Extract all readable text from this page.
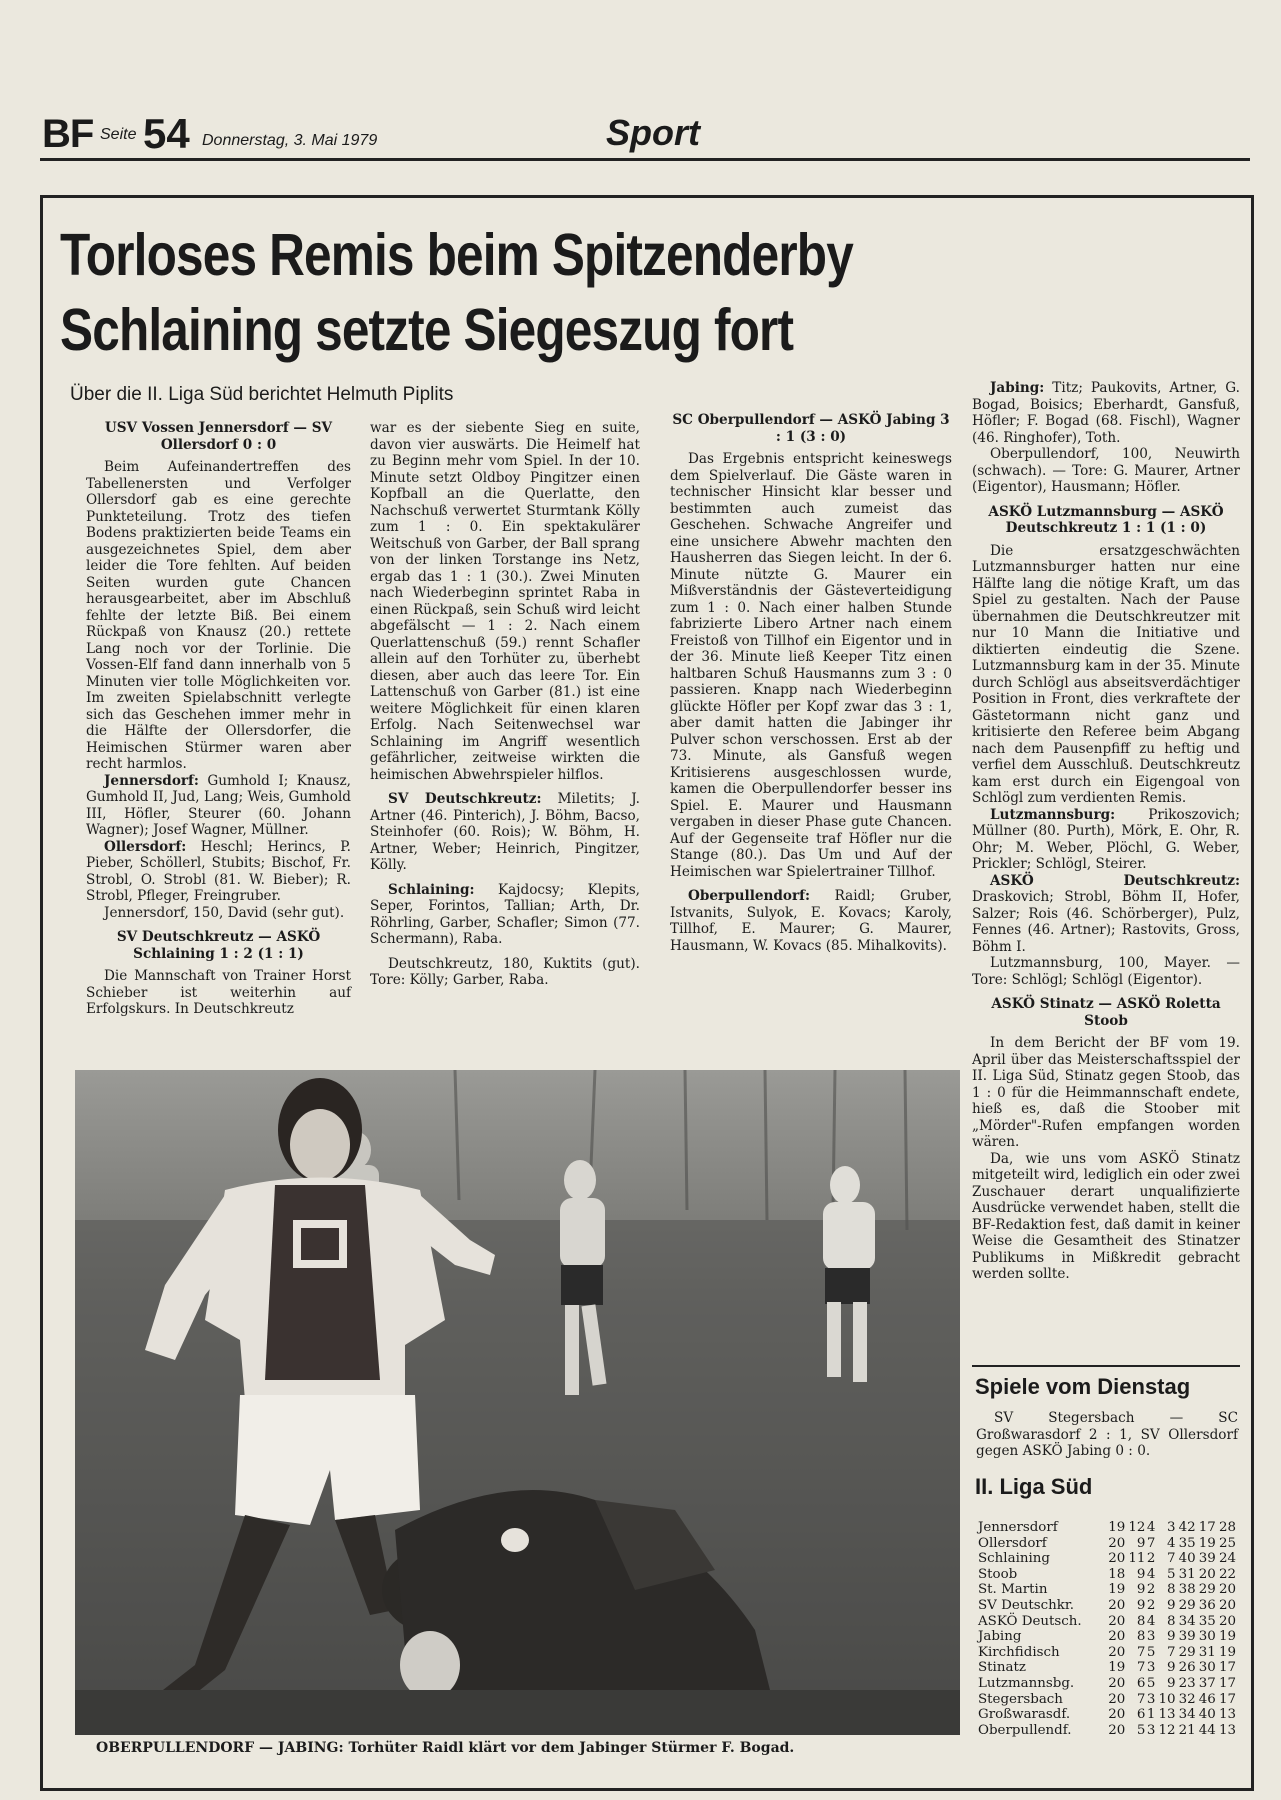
BF Seite 54 Donnerstag, 3. Mai 1979	Sport
Torloses Remis beim Spitzenderby
Schlaining setzte Siegeszug fort
Über die II. Liga Süd berichtet Helmuth Piplits

USV Vossen Jennersdorf — SV Ollersdorf 0 : 0

Beim Aufeinandertreffen des Tabellenersten und Verfolger Ollersdorf gab es eine gerechte Punkteteilung. Trotz des tiefen Bodens praktizierten beide Teams ein ausgezeichnetes Spiel, dem aber leider die Tore fehlten. Auf beiden Seiten wurden gute Chancen herausgearbeitet, aber im Abschluß fehlte der letzte Biß. Bei einem Rückpaß von Knausz (20.) rettete Lang noch vor der Torlinie. Die Vossen-Elf fand dann innerhalb von 5 Minuten vier tolle Möglichkeiten vor. Im zweiten Spielabschnitt verlegte sich das Geschehen immer mehr in die Hälfte der Ollersdorfer, die Heimischen Stürmer waren aber recht harmlos.

Jennersdorf: Gumhold I; Knausz, Gumhold II, Jud, Lang; Weis, Gumhold III, Höfler, Steurer (60. Johann Wagner); Josef Wagner, Müllner.

Ollersdorf: Heschl; Herincs, P. Pieber, Schöllerl, Stubits; Bischof, Fr. Strobl, O. Strobl (81. W. Bieber); R. Strobl, Pfleger, Freingruber.

Jennersdorf, 150, David (sehr gut).

SV Deutschkreutz — ASKÖ Schlaining 1 : 2 (1 : 1)

Die Mannschaft von Trainer Horst Schieber ist weiterhin auf Erfolgskurs. In Deutschkreutz

war es der siebente Sieg en suite, davon vier auswärts. Die Heimelf hat zu Beginn mehr vom Spiel. In der 10. Minute setzt Oldboy Pingitzer einen Kopfball an die Querlatte, den Nachschuß verwertet Sturmtank Kölly zum 1 : 0. Ein spektakulärer Weitschuß von Garber, der Ball sprang von der linken Torstange ins Netz, ergab das 1 : 1 (30.). Zwei Minuten nach Wiederbeginn sprintet Raba in einen Rückpaß, sein Schuß wird leicht abgefälscht — 1 : 2. Nach einem Querlattenschuß (59.) rennt Schafler allein auf den Torhüter zu, überhebt diesen, aber auch das leere Tor. Ein Lattenschuß von Garber (81.) ist eine weitere Möglichkeit für einen klaren Erfolg. Nach Seitenwechsel war Schlaining im Angriff wesentlich gefährlicher, zeitweise wirkten die heimischen Abwehrspieler hilflos.

SV Deutschkreutz: Miletits; J. Artner (46. Pinterich), J. Böhm, Bacso, Steinhofer (60. Rois); W. Böhm, H. Artner, Weber; Heinrich, Pingitzer, Kölly.

Schlaining: Kajdocsy; Klepits, Seper, Forintos, Tallian; Arth, Dr. Röhrling, Garber, Schafler; Simon (77. Schermann), Raba.

Deutschkreutz, 180, Kuktits (gut). Tore: Kölly; Garber, Raba.

SC Oberpullendorf — ASKÖ Jabing 3 : 1 (3 : 0)

Das Ergebnis entspricht keineswegs dem Spielverlauf. Die Gäste waren in technischer Hinsicht klar besser und bestimmten auch zumeist das Geschehen. Schwache Angreifer und eine unsichere Abwehr machten den Hausherren das Siegen leicht. In der 6. Minute nützte G. Maurer ein Mißverständnis der Gästeverteidigung zum 1 : 0. Nach einer halben Stunde fabrizierte Libero Artner nach einem Freistoß von Tillhof ein Eigentor und in der 36. Minute ließ Keeper Titz einen haltbaren Schuß Hausmanns zum 3 : 0 passieren. Knapp nach Wiederbeginn glückte Höfler per Kopf zwar das 3 : 1, aber damit hatten die Jabinger ihr Pulver schon verschossen. Erst ab der 73. Minute, als Gansfuß wegen Kritisierens ausgeschlossen wurde, kamen die Oberpullendorfer besser ins Spiel. E. Maurer und Hausmann vergaben in dieser Phase gute Chancen. Auf der Gegenseite traf Höfler nur die Stange (80.). Das Um und Auf der Heimischen war Spielertrainer Tillhof.

Oberpullendorf: Raidl; Gruber, Istvanits, Sulyok, E. Kovacs; Karoly, Tillhof, E. Maurer; G. Maurer, Hausmann, W. Kovacs (85. Mihalkovits).

Jabing: Titz; Paukovits, Artner, G. Bogad, Boisics; Eberhardt, Gansfuß, Höfler; F. Bogad (68. Fischl), Wagner (46. Ringhofer), Toth.

Oberpullendorf, 100, Neuwirth (schwach). — Tore: G. Maurer, Artner (Eigentor), Hausmann; Höfler.

ASKÖ Lutzmannsburg — ASKÖ Deutschkreutz 1 : 1 (1 : 0)

Die ersatzgeschwächten Lutzmannsburger hatten nur eine Hälfte lang die nötige Kraft, um das Spiel zu gestalten. Nach der Pause übernahmen die Deutschkreutzer mit nur 10 Mann die Initiative und diktierten eindeutig die Szene. Lutzmannsburg kam in der 35. Minute durch Schlögl aus abseitsverdächtiger Position in Front, dies verkraftete der Gästetormann nicht ganz und kritisierte den Referee beim Abgang nach dem Pausenpfiff zu heftig und verfiel dem Ausschluß. Deutschkreutz kam erst durch ein Eigengoal von Schlögl zum verdienten Remis.

Lutzmannsburg: Prikoszovich; Müllner (80. Purth), Mörk, E. Ohr, R. Ohr; M. Weber, Plöchl, G. Weber, Prickler; Schlögl, Steirer.

ASKÖ Deutschkreutz: Draskovich; Strobl, Böhm II, Hofer, Salzer; Rois (46. Schörberger), Pulz, Fennes (46. Artner); Rastovits, Gross, Böhm I.

Lutzmannsburg, 100, Mayer. — Tore: Schlögl; Schlögl (Eigentor).

ASKÖ Stinatz — ASKÖ Roletta Stoob

In dem Bericht der BF vom 19. April über das Meisterschaftsspiel der II. Liga Süd, Stinatz gegen Stoob, das 1 : 0 für die Heimmannschaft endete, hieß es, daß die Stoober mit „Mörder"-Rufen empfangen worden wären.

Da, wie uns vom ASKÖ Stinatz mitgeteilt wird, lediglich ein oder zwei Zuschauer derart unqualifizierte Ausdrücke verwendet haben, stellt die BF-Redaktion fest, daß damit in keiner Weise die Gesamtheit des Stinatzer Publikums in Mißkredit gebracht werden sollte.

Spiele vom Dienstag

SV Stegersbach — SC Großwarasdorf 2 : 1, SV Ollersdorf gegen ASKÖ Jabing 0 : 0.

II. Liga Süd
Jennersdorf	19	12	4	3	42	17	28
Ollersdorf	20	9	7	4	35	19	25
Schlaining	20	11	2	7	40	39	24
Stoob	18	9	4	5	31	20	22
St. Martin	19	9	2	8	38	29	20
SV Deutschkr.	20	9	2	9	29	36	20
ASKÖ Deutsch.	20	8	4	8	34	35	20
Jabing	20	8	3	9	39	30	19
Kirchfidisch	20	7	5	7	29	31	19
Stinatz	19	7	3	9	26	30	17
Lutzmannsbg.	20	6	5	9	23	37	17
Stegersbach	20	7	3	10	32	46	17
Großwarasdf.	20	6	1	13	34	40	13
Oberpullendf.	20	5	3	12	21	44	13
OBERPULLENDORF — JABING: Torhüter Raidl klärt vor dem Jabinger Stürmer F. Bogad.
